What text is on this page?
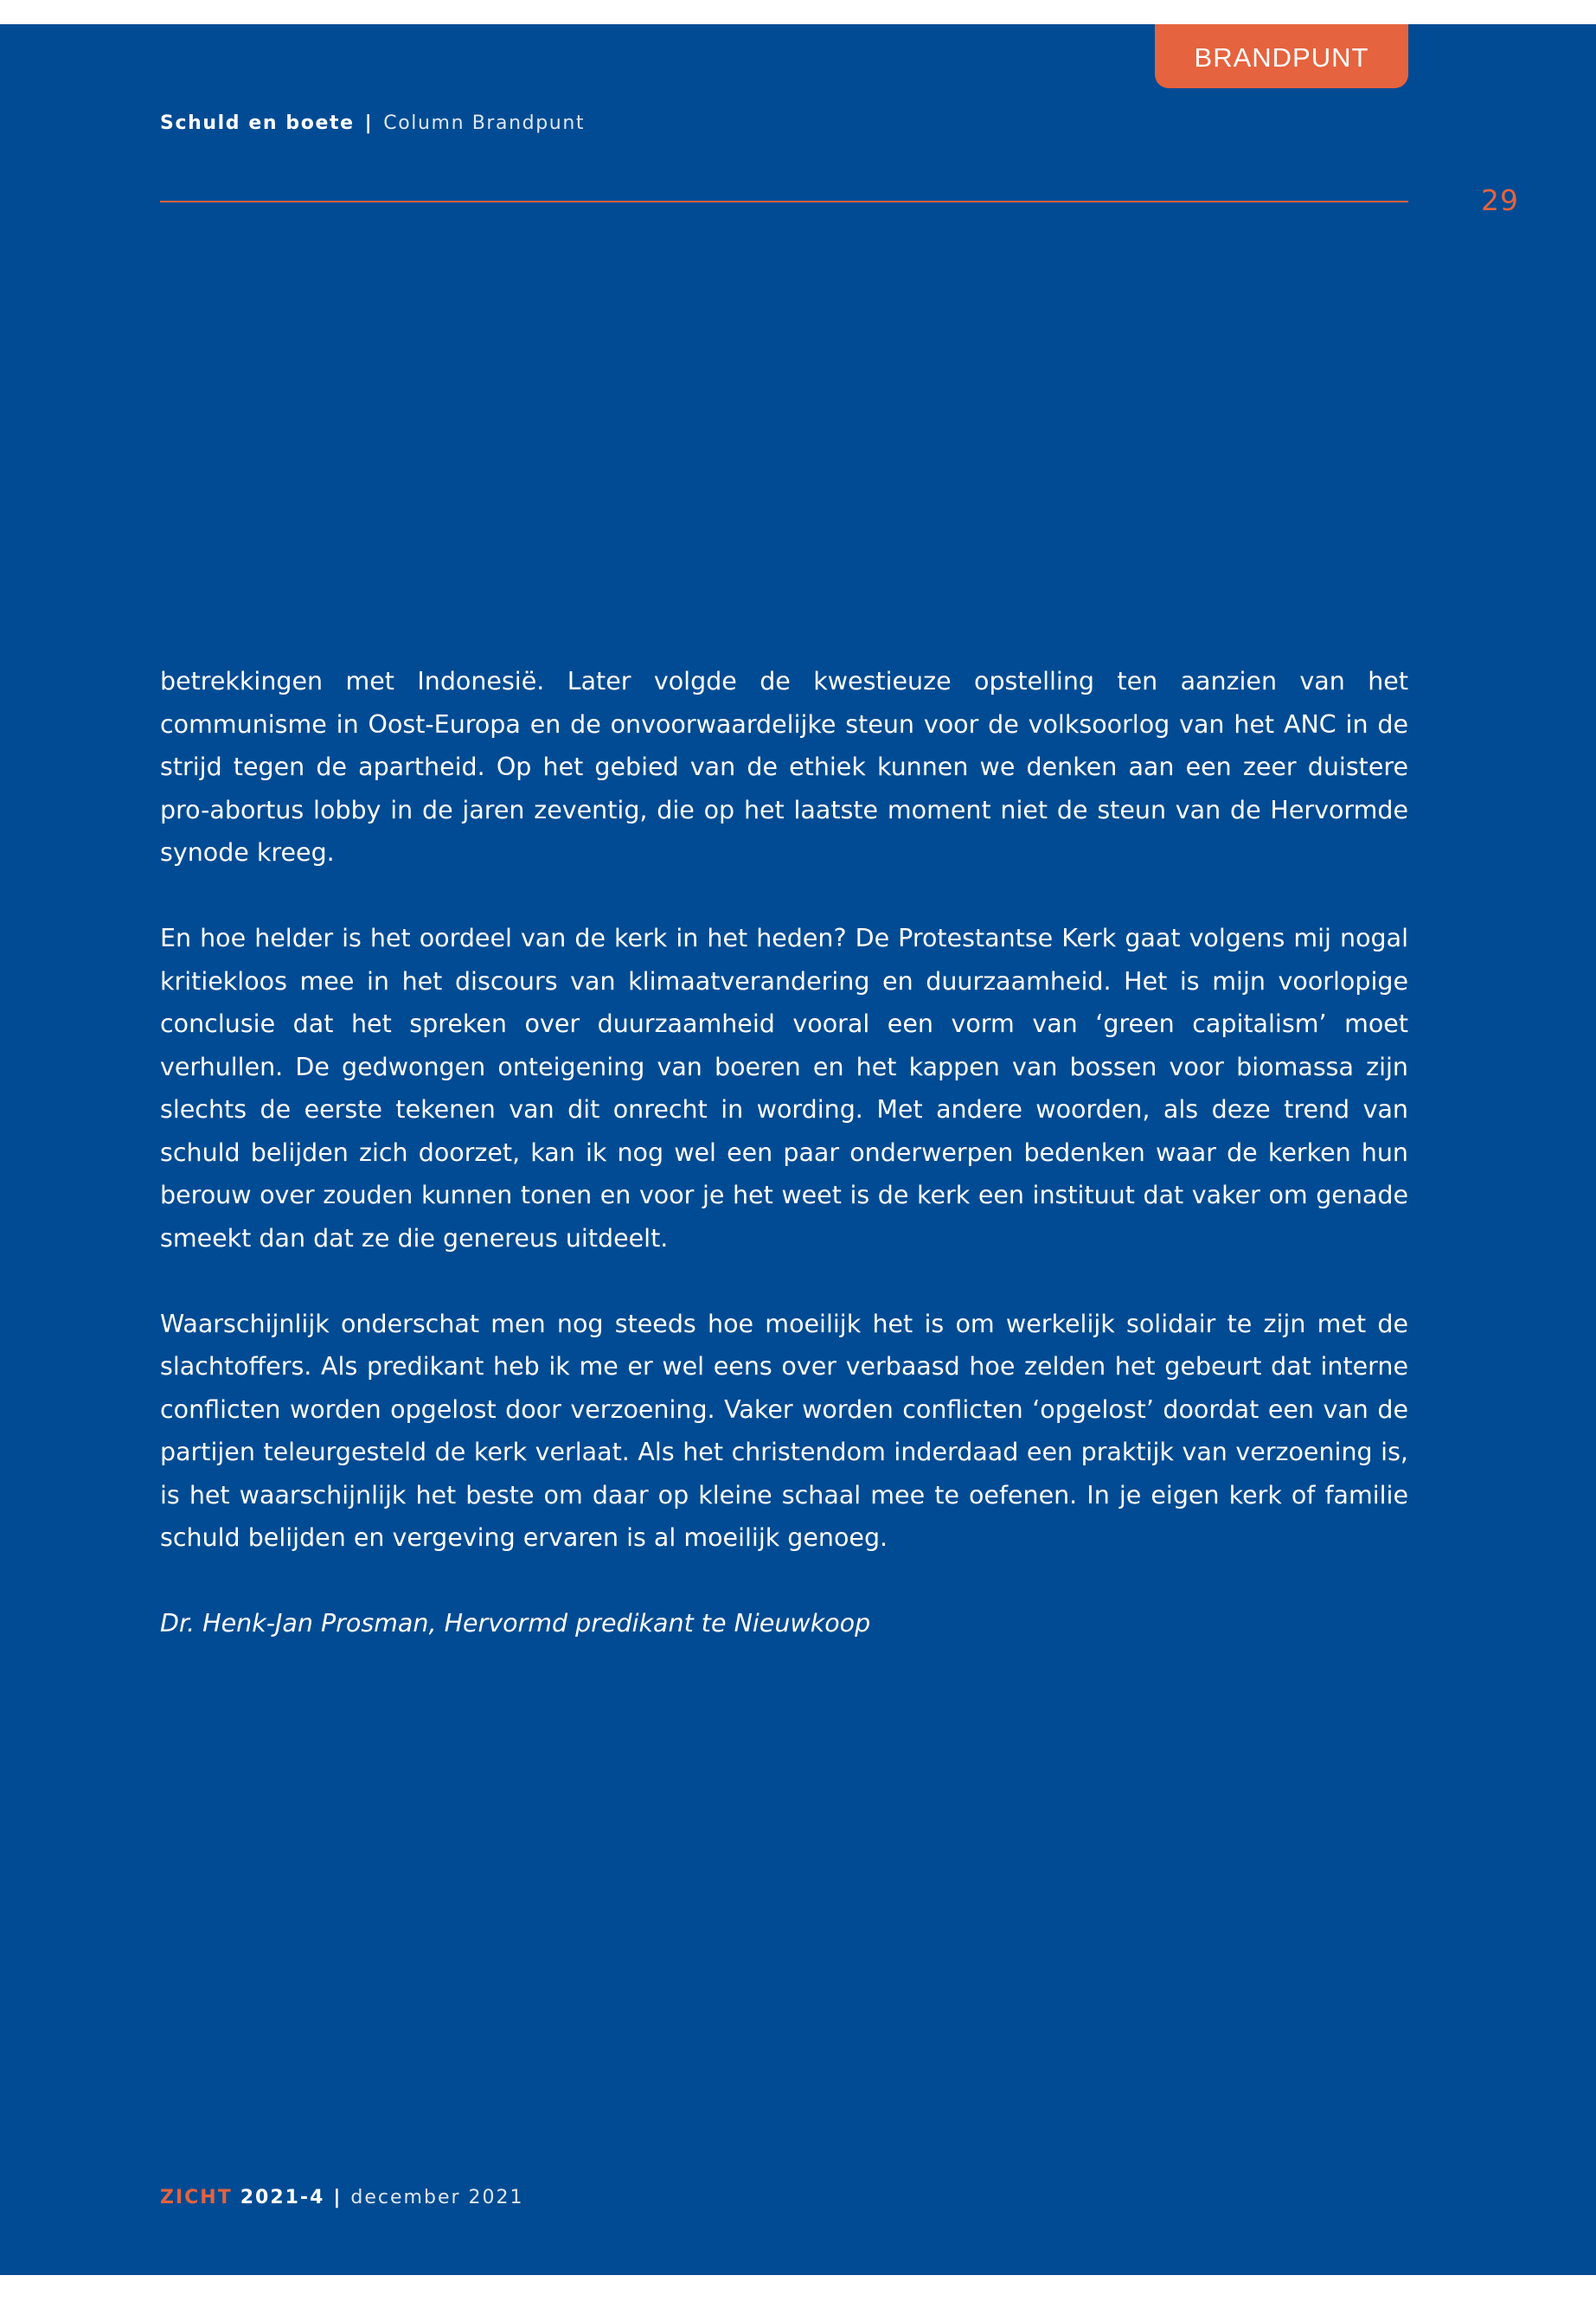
BRANDPUNT
Schuld en boete | Column Brandpunt
29

betrekkingen met Indonesië. Later volgde de kwestieuze opstelling ten aanzien van het communisme in Oost-Europa en de onvoorwaardelijke steun voor de volksoorlog van het ANC in de strijd tegen de apartheid. Op het gebied van de ethiek kunnen we denken aan een zeer duistere pro-abortus lobby in de jaren zeventig, die op het laatste moment niet de steun van de Hervormde synode kreeg.

En hoe helder is het oordeel van de kerk in het heden? De Protestantse Kerk gaat volgens mij nogal kritiekloos mee in het discours van klimaatverandering en duurzaamheid. Het is mijn voorlopige conclusie dat het spreken over duurzaamheid vooral een vorm van ‘green capitalism’ moet verhullen. De gedwongen onteigening van boeren en het kappen van bossen voor biomassa zijn slechts de eerste tekenen van dit onrecht in wording. Met andere woorden, als deze trend van schuld belijden zich doorzet, kan ik nog wel een paar onderwerpen bedenken waar de kerken hun berouw over zouden kunnen tonen en voor je het weet is de kerk een instituut dat vaker om genade smeekt dan dat ze die genereus uitdeelt.

Waarschijnlijk onderschat men nog steeds hoe moeilijk het is om werkelijk solidair te zijn met de slachtoffers. Als predikant heb ik me er wel eens over verbaasd hoe zelden het gebeurt dat interne conflicten worden opgelost door verzoening. Vaker worden conflicten ‘opgelost’ doordat een van de partijen teleurgesteld de kerk verlaat. Als het christendom inderdaad een praktijk van verzoening is, is het waarschijnlijk het beste om daar op kleine schaal mee te oefenen. In je eigen kerk of familie schuld belijden en vergeving ervaren is al moeilijk genoeg.

Dr. Henk-Jan Prosman, Hervormd predikant te Nieuwkoop

ZICHT 2021-4 | december 2021
